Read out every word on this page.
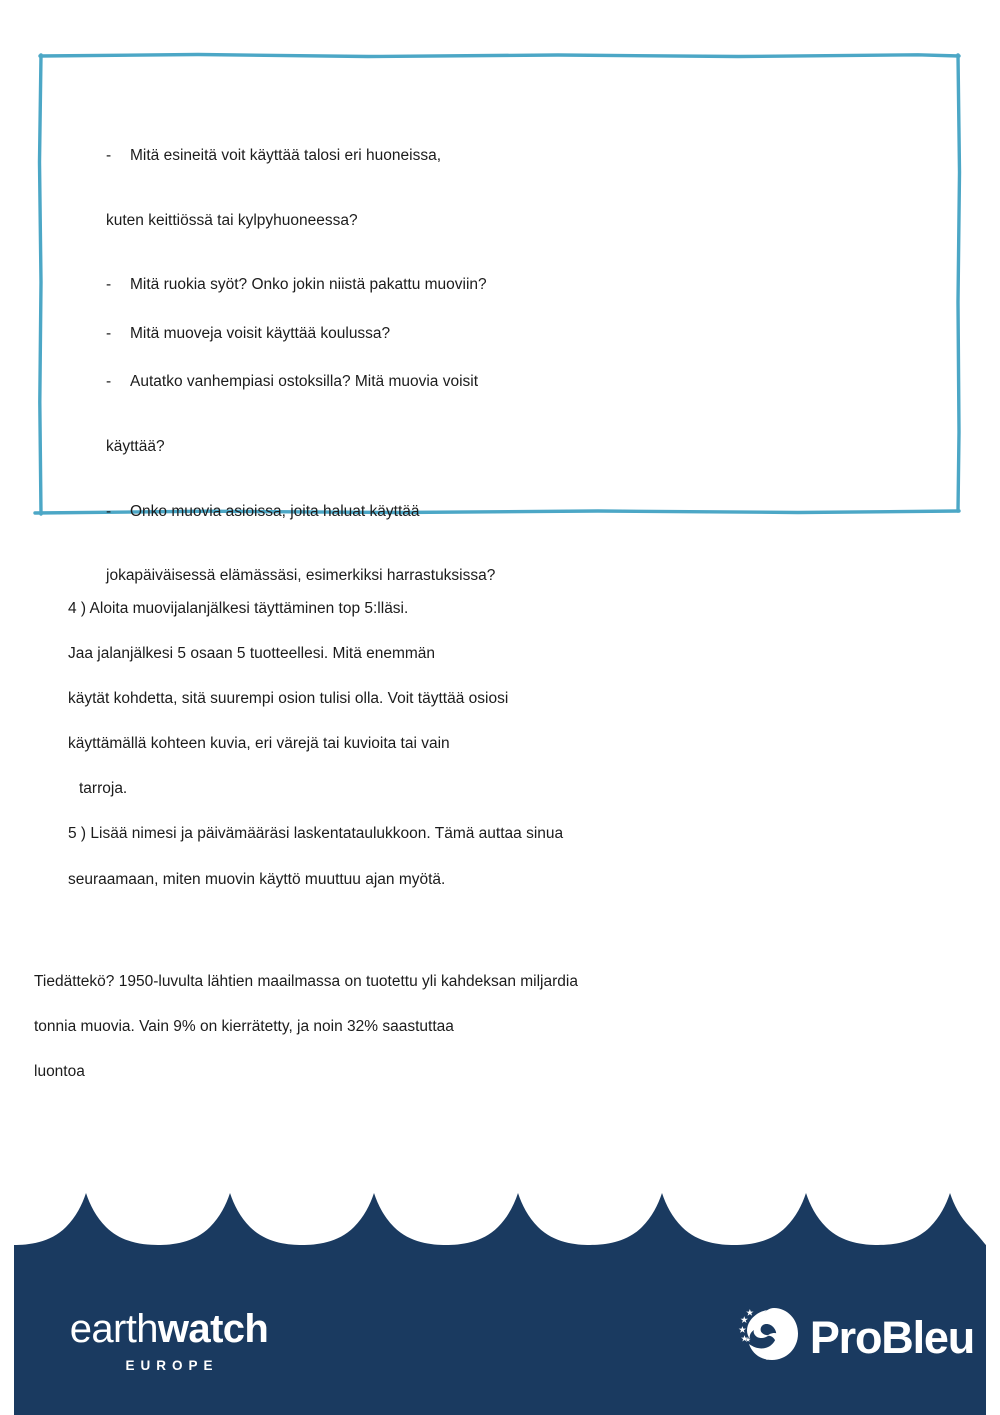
-	Mitä esineitä voit käyttää talosi eri huoneissa,
kuten keittiössä tai kylpyhuoneessa?
-	Mitä ruokia syöt? Onko jokin niistä pakattu muoviin?
-	Mitä muoveja voisit käyttää koulussa?
-	Autatko vanhempiasi ostoksilla? Mitä muovia voisit
käyttää?
-	Onko muovia asioissa, joita haluat käyttää
jokapäiväisessä elämässäsi, esimerkiksi harrastuksissa?
4 ) Aloita muovijalanjälkesi täyttäminen top 5:lläsi.
Jaa jalanjälkesi 5 osaan 5 tuotteellesi. Mitä enemmän
käytät kohdetta, sitä suurempi osion tulisi olla. Voit täyttää osiosi
käyttämällä kohteen kuvia, eri värejä tai kuvioita tai vain
tarroja.
5 ) Lisää nimesi ja päivämääräsi laskentataulukkoon. Tämä auttaa sinua
seuraamaan, miten muovin käyttö muuttuu ajan myötä.
Tiedättekö? 1950-luvulta lähtien maailmassa on tuotettu yli kahdeksan miljardia
tonnia muovia. Vain 9% on kierrätetty, ja noin 32% saastuttaa
luontoa
earthwatch
EUROPE
ProBleu
